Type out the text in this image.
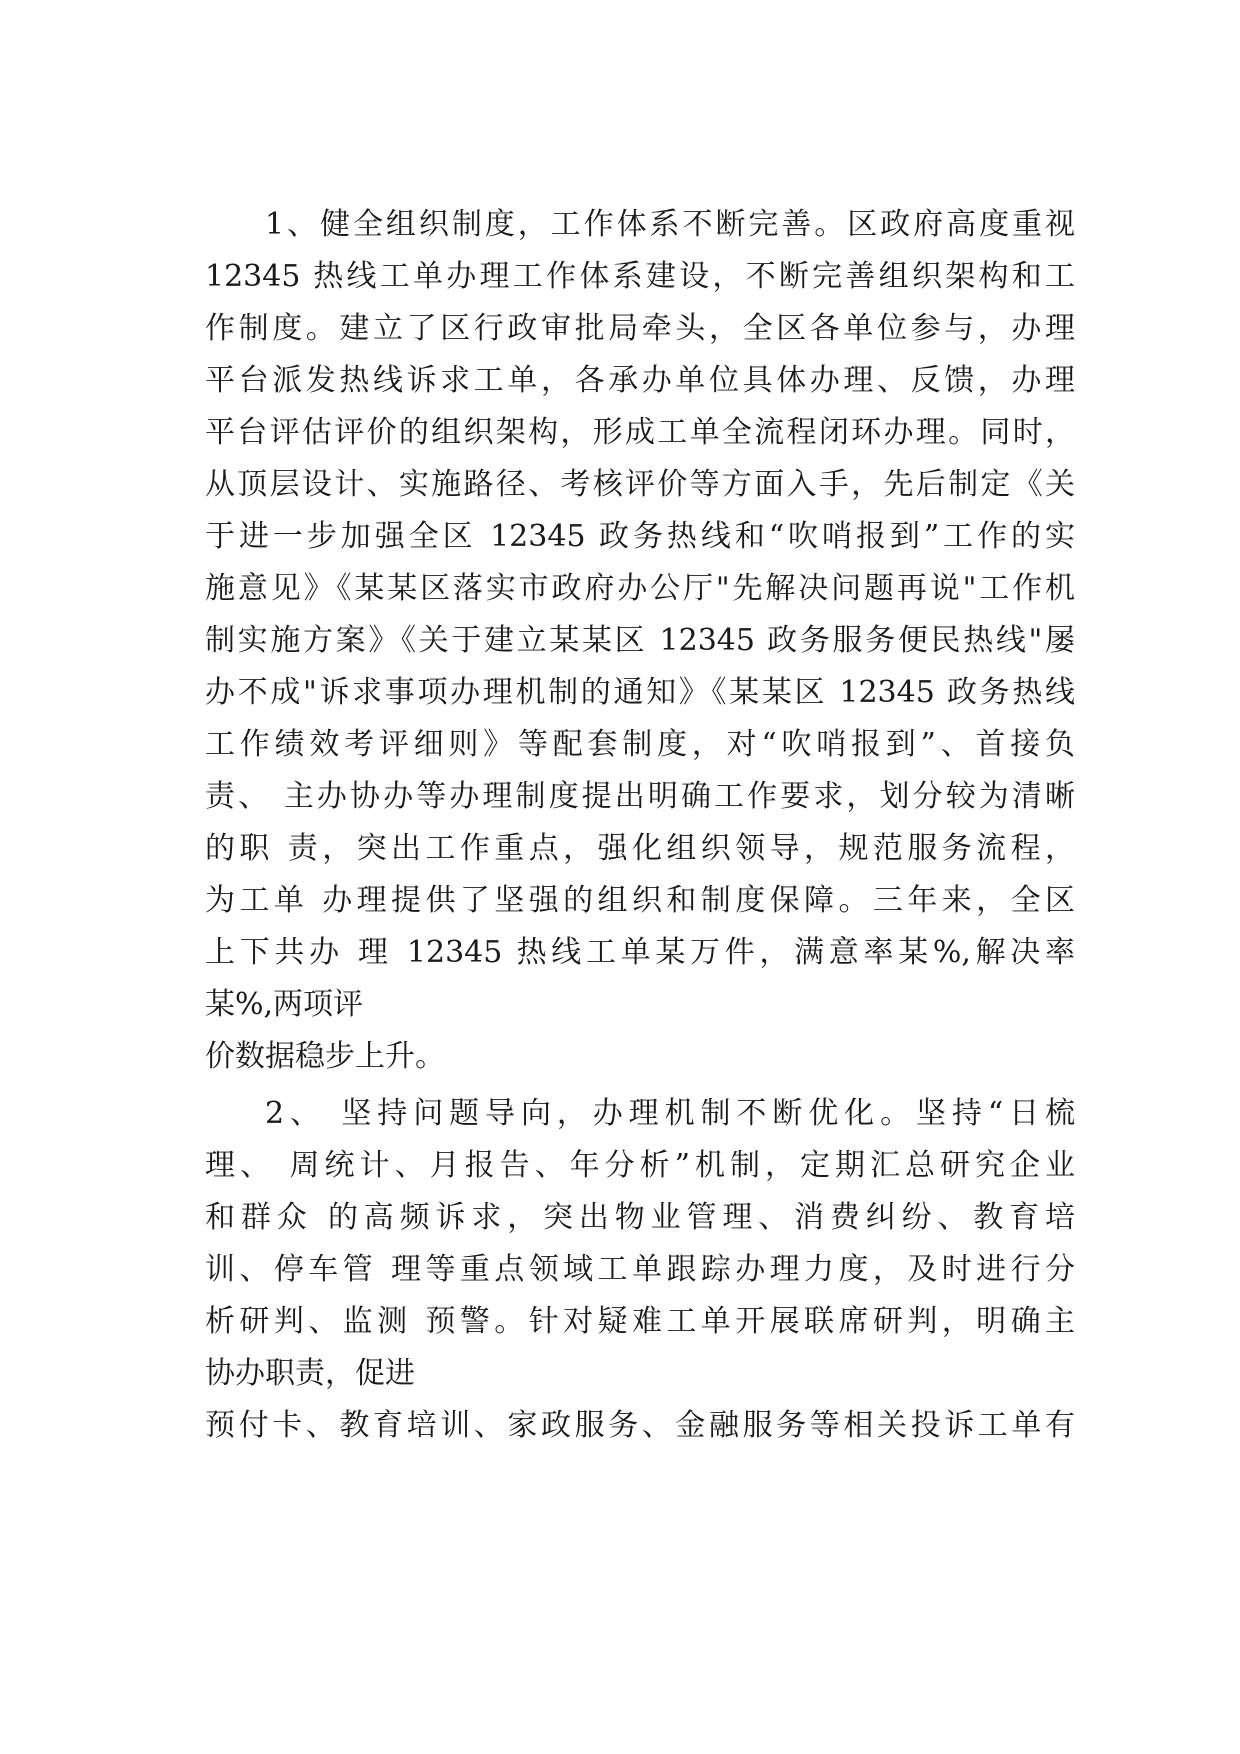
1、健全组织制度，工作体系不断完善。区政府高度重视
12345 热线工单办理工作体系建设，不断完善组织架构和工
作制度。建立了区行政审批局牵头，全区各单位参与，办理
平台派发热线诉求工单，各承办单位具体办理、反馈，办理
平台评估评价的组织架构，形成工单全流程闭环办理。同时，
从顶层设计、实施路径、考核评价等方面入手，先后制定《关
于进一步加强全区 12345 政务热线和“吹哨报到”工作的实
施意见》《某某区落实市政府办公厅"先解决问题再说"工作机
制实施方案》《关于建立某某区 12345 政务服务便民热线"屡
办不成"诉求事项办理机制的通知》《某某区 12345 政务热线
工作绩效考评细则》等配套制度，对“吹哨报到”、首接负
责、 主办协办等办理制度提出明确工作要求，划分较为清晰
的职 责，突出工作重点，强化组织领导，规范服务流程，
为工单 办理提供了坚强的组织和制度保障。三年来，全区
上下共办 理 12345 热线工单某万件，满意率某%,解决率
某%,两项评
价数据稳步上升。
2、 坚持问题导向，办理机制不断优化。坚持“日梳
理、 周统计、月报告、年分析”机制，定期汇总研究企业
和群众 的高频诉求，突出物业管理、消费纠纷、教育培
训、停车管 理等重点领域工单跟踪办理力度，及时进行分
析研判、监测 预警。针对疑难工单开展联席研判，明确主
协办职责，促进
预付卡、教育培训、家政服务、金融服务等相关投诉工单有
